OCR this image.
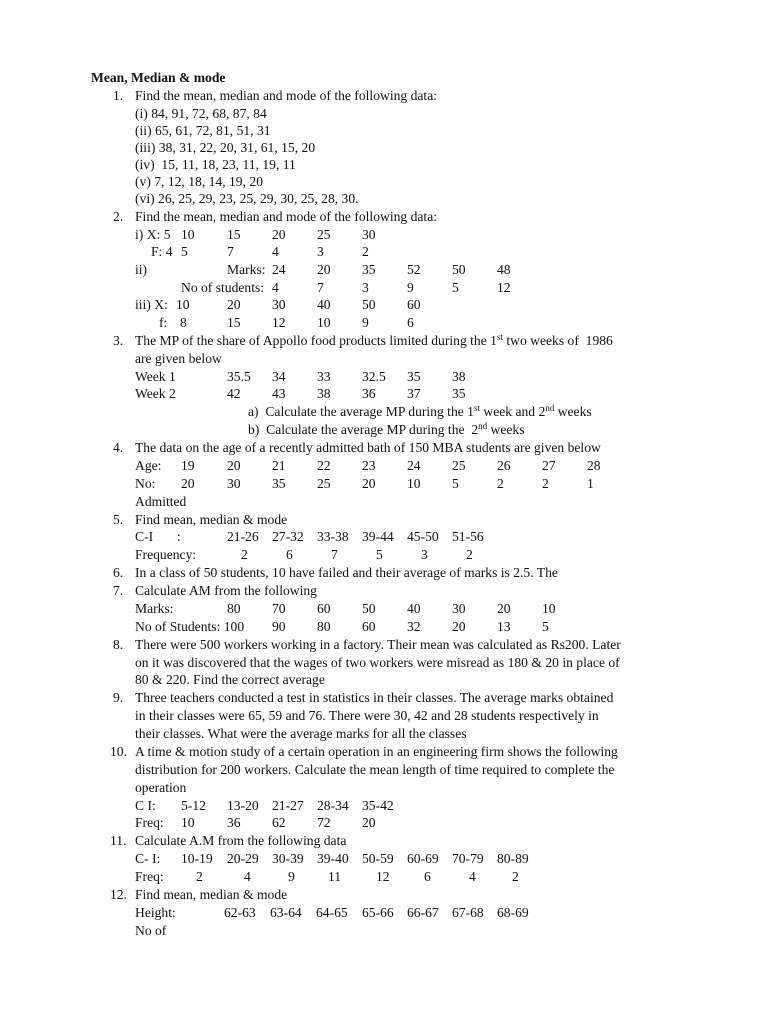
Mean, Median & mode
1. Find the mean, median and mode of the following data:
(i) 84, 91, 72, 68, 87, 84
(ii) 65, 61, 72, 81, 51, 31
(iii) 38, 31, 22, 20, 31, 61, 15, 20
(iv)  15, 11, 18, 23, 11, 19, 11
(v) 7, 12, 18, 14, 19, 20
(vi) 26, 25, 29, 23, 25, 29, 30, 25, 28, 30.
2. Find the mean, median and mode of the following data:
i) X: 5 10 15 20 25 30
F: 4 5	7	4	3	2
ii)	Marks: 24 20 35 52 50 48
No of students: 4	7	3	9	5	12
iii) X: 10	20 30 40 50 60
f: 8	15 12 10 9	6
3. The MP of the share of Appollo food products limited during the 1st two weeks of  1986
are given below
Week 1	35.5 34 33 32.5 35 38
Week 2	42 43 38 36 37 35
a)  Calculate the average MP during the 1st week and 2nd weeks
b)  Calculate the average MP during the  2nd weeks
4. The data on the age of a recently admitted bath of 150 MBA students are given below
Age: 19 20 21 22 23 24 25 26 27 28
No: 20 30 35 25 20 10 5	2	2	1
Admitted
5. Find mean, median & mode
C-I       :	21-26 27-32 33-38 39-44 45-50 51-56
Frequency:	2	6	7	5	3	2
6. In a class of 50 students, 10 have failed and their average of marks is 2.5. The
7. Calculate AM from the following
Marks:	80 70 60 50 40 30 20 10
No of Students: 100 90 80 60 32 20 13 5
8. There were 500 workers working in a factory. Their mean was calculated as Rs200. Later
on it was discovered that the wages of two workers were misread as 180 & 20 in place of
80 & 220. Find the correct average
9. Three teachers conducted a test in statistics in their classes. The average marks obtained
in their classes were 65, 59 and 76. There were 30, 42 and 28 students respectively in
their classes. What were the average marks for all the classes
10. A time & motion study of a certain operation in an engineering firm shows the following
distribution for 200 workers. Calculate the mean length of time required to complete the
operation
C I: 5-12 13-20 21-27 28-34 35-42
Freq: 10 36 62 72 20
11. Calculate A.M from the following data
C- I: 10-19 20-29 30-39 39-40 50-59 60-69 70-79 80-89
Freq: 2	4	9 11	12	6	4	2
12. Find mean, median & mode
Height:	62-63 63-64 64-65 65-66 66-67 67-68 68-69
No of
